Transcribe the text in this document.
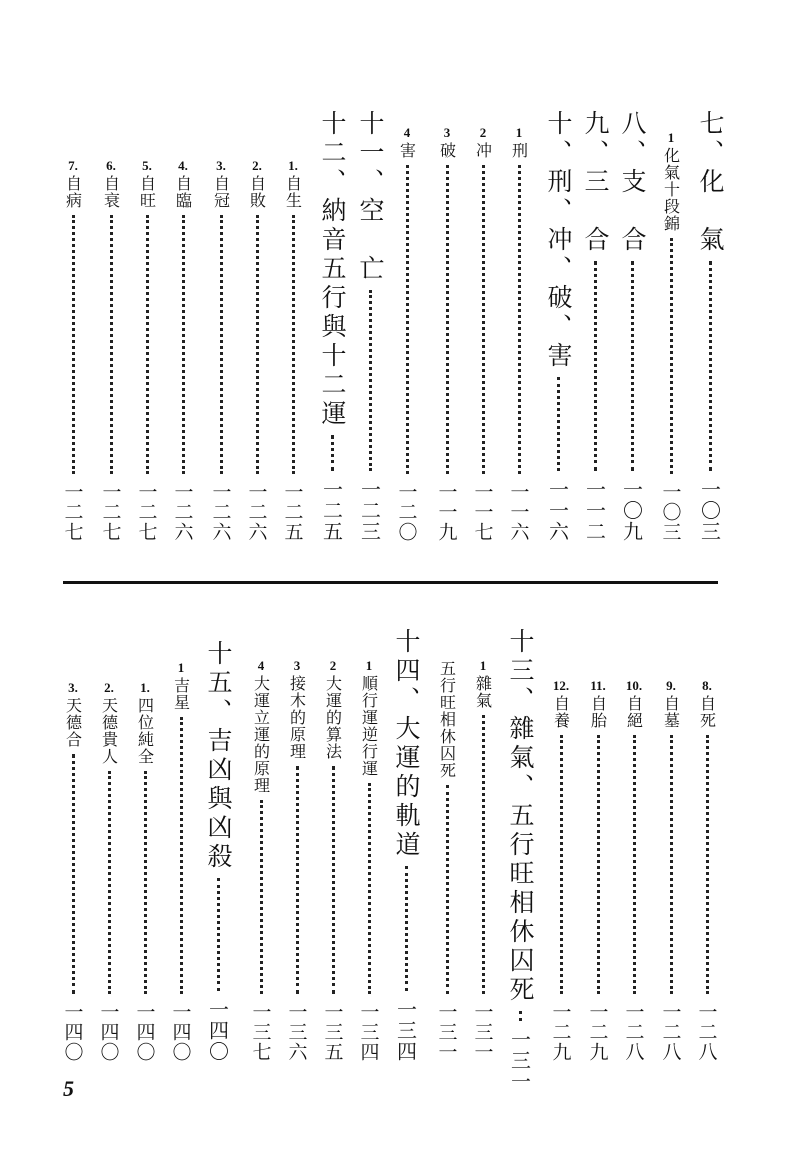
七、化　氣
一〇三
1
化氣十段錦
一〇三
八、支　合
一〇九
九、三　合
一一二
十、刑、冲、破、害
一一六
1
刑
一一六
2
冲
一一七
3
破
一一九
4
害
一二〇
十一、空　亡
一二三
十二、納音五行與十二運
一二五
1.
自生
一二五
2.
自敗
一二六
3.
自冠
一二六
4.
自臨
一二六
5.
自旺
一二七
6.
自衰
一二七
7.
自病
一二七
8.
自死
一二八
9.
自墓
一二八
10.
自絕
一二八
11.
自胎
一二九
12.
自養
一二九
十三、雜氣、五行旺相休囚死
一三一
1
雜氣
一三一
五行旺相休囚死
一三一
十四、大運的軌道
一三四
1
順行運逆行運
一三四
2
大運的算法
一三五
3
接木的原理
一三六
4
大運立運的原理
一三七
十五、吉凶與凶殺
一四〇
1
吉星
一四〇
1.
四位純全
一四〇
2.
天德貴人
一四〇
3.
天德合
一四〇
5
